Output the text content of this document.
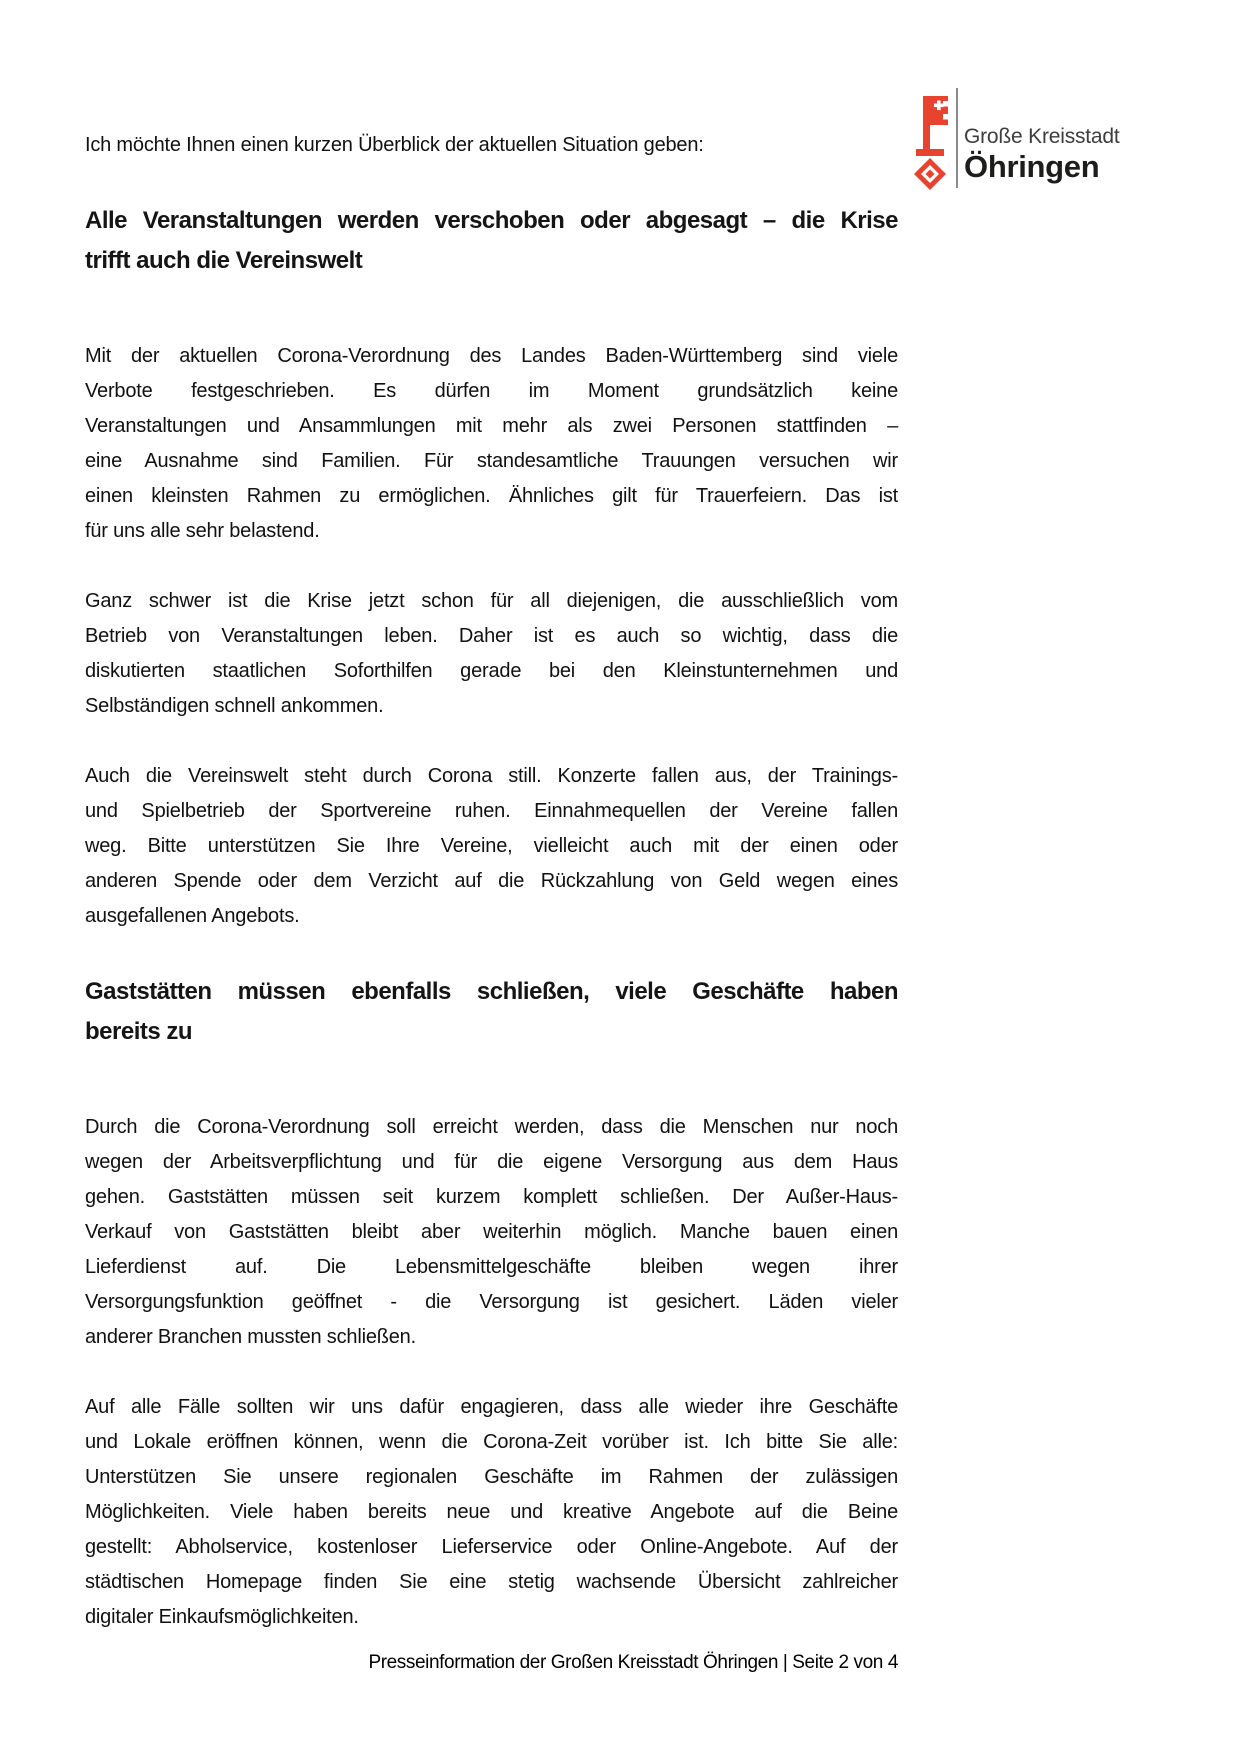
Große Kreisstadt
Öhringen
Ich möchte Ihnen einen kurzen Überblick der aktuellen Situation geben:
Alle Veranstaltungen werden verschoben oder abgesagt – die Krise
trifft auch die Vereinswelt
Mit der aktuellen Corona-Verordnung des Landes Baden-Württemberg sind viele
Verbote festgeschrieben. Es dürfen im Moment grundsätzlich keine
Veranstaltungen und Ansammlungen mit mehr als zwei Personen stattfinden –
eine Ausnahme sind Familien. Für standesamtliche Trauungen versuchen wir
einen kleinsten Rahmen zu ermöglichen. Ähnliches gilt für Trauerfeiern. Das ist
für uns alle sehr belastend.
Ganz schwer ist die Krise jetzt schon für all diejenigen, die ausschließlich vom
Betrieb von Veranstaltungen leben. Daher ist es auch so wichtig, dass die
diskutierten staatlichen Soforthilfen gerade bei den Kleinstunternehmen und
Selbständigen schnell ankommen.
Auch die Vereinswelt steht durch Corona still. Konzerte fallen aus, der Trainings-
und Spielbetrieb der Sportvereine ruhen. Einnahmequellen der Vereine fallen
weg. Bitte unterstützen Sie Ihre Vereine, vielleicht auch mit der einen oder
anderen Spende oder dem Verzicht auf die Rückzahlung von Geld wegen eines
ausgefallenen Angebots.
Gaststätten müssen ebenfalls schließen, viele Geschäfte haben
bereits zu
Durch die Corona-Verordnung soll erreicht werden, dass die Menschen nur noch
wegen der Arbeitsverpflichtung und für die eigene Versorgung aus dem Haus
gehen. Gaststätten müssen seit kurzem komplett schließen. Der Außer-Haus-
Verkauf von Gaststätten bleibt aber weiterhin möglich. Manche bauen einen
Lieferdienst auf. Die Lebensmittelgeschäfte bleiben wegen ihrer
Versorgungsfunktion geöffnet - die Versorgung ist gesichert. Läden vieler
anderer Branchen mussten schließen.
Auf alle Fälle sollten wir uns dafür engagieren, dass alle wieder ihre Geschäfte
und Lokale eröffnen können, wenn die Corona-Zeit vorüber ist. Ich bitte Sie alle:
Unterstützen Sie unsere regionalen Geschäfte im Rahmen der zulässigen
Möglichkeiten. Viele haben bereits neue und kreative Angebote auf die Beine
gestellt: Abholservice, kostenloser Lieferservice oder Online-Angebote. Auf der
städtischen Homepage finden Sie eine stetig wachsende Übersicht zahlreicher
digitaler Einkaufsmöglichkeiten.
Presseinformation der Großen Kreisstadt Öhringen | Seite 2 von 4
